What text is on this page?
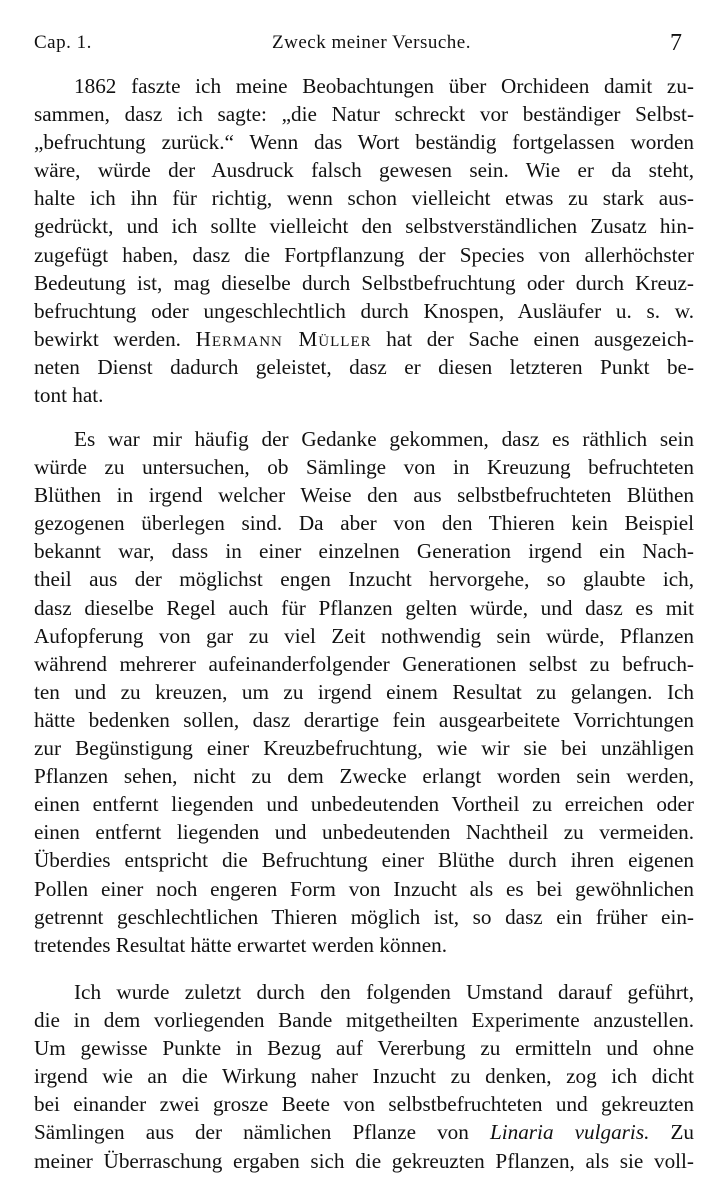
Cap. 1.	Zweck meiner Versuche.	7
1862 faszte ich meine Beobachtungen über Orchideen damit zu-
sammen, dasz ich sagte: „die Natur schreckt vor beständiger Selbst-
„befruchtung zurück.“ Wenn das Wort beständig fortgelassen worden
wäre, würde der Ausdruck falsch gewesen sein. Wie er da steht,
halte ich ihn für richtig, wenn schon vielleicht etwas zu stark aus-
gedrückt, und ich sollte vielleicht den selbstverständlichen Zusatz hin-
zugefügt haben, dasz die Fortpflanzung der Species von allerhöchster
Bedeutung ist, mag dieselbe durch Selbstbefruchtung oder durch Kreuz-
befruchtung oder ungeschlechtlich durch Knospen, Ausläufer u. s. w.
bewirkt werden. Hermann Müller hat der Sache einen ausgezeich-
neten Dienst dadurch geleistet, dasz er diesen letzteren Punkt be-
tont hat.
Es war mir häufig der Gedanke gekommen, dasz es räthlich sein
würde zu untersuchen, ob Sämlinge von in Kreuzung befruchteten
Blüthen in irgend welcher Weise den aus selbstbefruchteten Blüthen
gezogenen überlegen sind. Da aber von den Thieren kein Beispiel
bekannt war, dass in einer einzelnen Generation irgend ein Nach-
theil aus der möglichst engen Inzucht hervorgehe, so glaubte ich,
dasz dieselbe Regel auch für Pflanzen gelten würde, und dasz es mit
Aufopferung von gar zu viel Zeit nothwendig sein würde, Pflanzen
während mehrerer aufeinanderfolgender Generationen selbst zu befruch-
ten und zu kreuzen, um zu irgend einem Resultat zu gelangen. Ich
hätte bedenken sollen, dasz derartige fein ausgearbeitete Vorrichtungen
zur Begünstigung einer Kreuzbefruchtung, wie wir sie bei unzähligen
Pflanzen sehen, nicht zu dem Zwecke erlangt worden sein werden,
einen entfernt liegenden und unbedeutenden Vortheil zu erreichen oder
einen entfernt liegenden und unbedeutenden Nachtheil zu vermeiden.
Überdies entspricht die Befruchtung einer Blüthe durch ihren eigenen
Pollen einer noch engeren Form von Inzucht als es bei gewöhnlichen
getrennt geschlechtlichen Thieren möglich ist, so dasz ein früher ein-
tretendes Resultat hätte erwartet werden können.
Ich wurde zuletzt durch den folgenden Umstand darauf geführt,
die in dem vorliegenden Bande mitgetheilten Experimente anzustellen.
Um gewisse Punkte in Bezug auf Vererbung zu ermitteln und ohne
irgend wie an die Wirkung naher Inzucht zu denken, zog ich dicht
bei einander zwei grosze Beete von selbstbefruchteten und gekreuzten
Sämlingen aus der nämlichen Pflanze von Linaria vulgaris. Zu
meiner Überraschung ergaben sich die gekreuzten Pflanzen, als sie voll-
